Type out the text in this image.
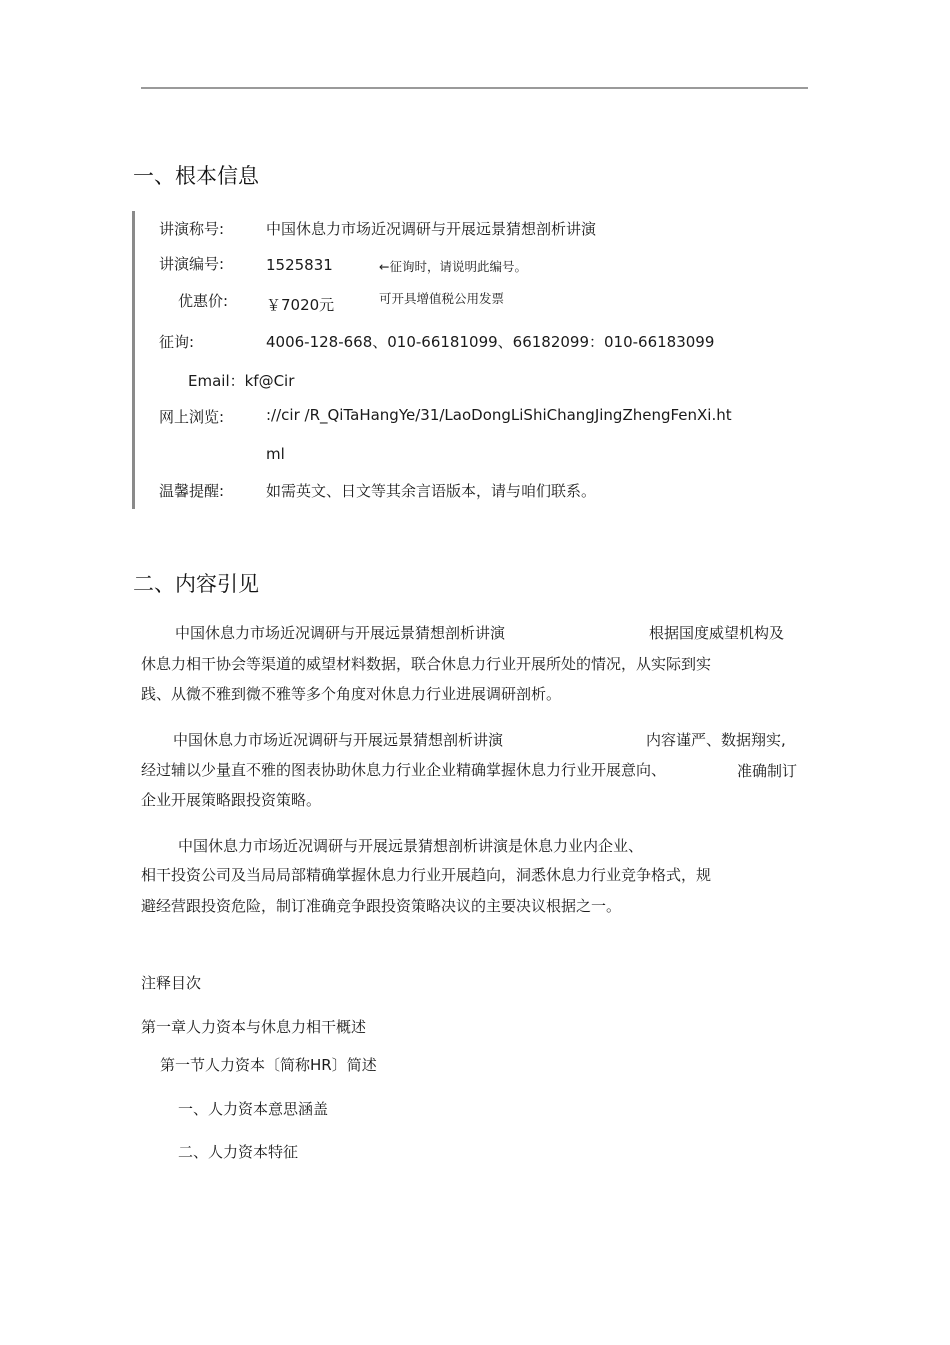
一、根本信息
讲演称号:	中国休息力市场近况调研与开展远景猜想剖析讲演
讲演编号:	1525831	←征询时，请说明此编号。
优惠价:	￥7020元	可开具增值税公用发票
征询:	4006-128-668、010-66181099、66182099：010-66183099
Email：kf@Cir
网上浏览:	://cir /R_QiTaHangYe/31/LaoDongLiShiChangJingZhengFenXi.ht
ml
温馨提醒:	如需英文、日文等其余言语版本，请与咱们联系。
二、内容引见
中国休息力市场近况调研与开展远景猜想剖析讲演	根据国度威望机构及
休息力相干协会等渠道的威望材料数据，联合休息力行业开展所处的情况，从实际到实
践、从微不雅到微不雅等多个角度对休息力行业进展调研剖析。
中国休息力市场近况调研与开展远景猜想剖析讲演	内容谨严、数据翔实,
经过辅以少量直不雅的图表协助休息力行业企业精确掌握休息力行业开展意向、	准确制订
企业开展策略跟投资策略。
中国休息力市场近况调研与开展远景猜想剖析讲演是休息力业内企业、
相干投资公司及当局局部精确掌握休息力行业开展趋向，洞悉休息力行业竞争格式，规
避经营跟投资危险，制订准确竞争跟投资策略决议的主要决议根据之一。
注释目次
第一章人力资本与休息力相干概述
第一节人力资本〔简称HR〕简述
一、人力资本意思涵盖
二、人力资本特征
